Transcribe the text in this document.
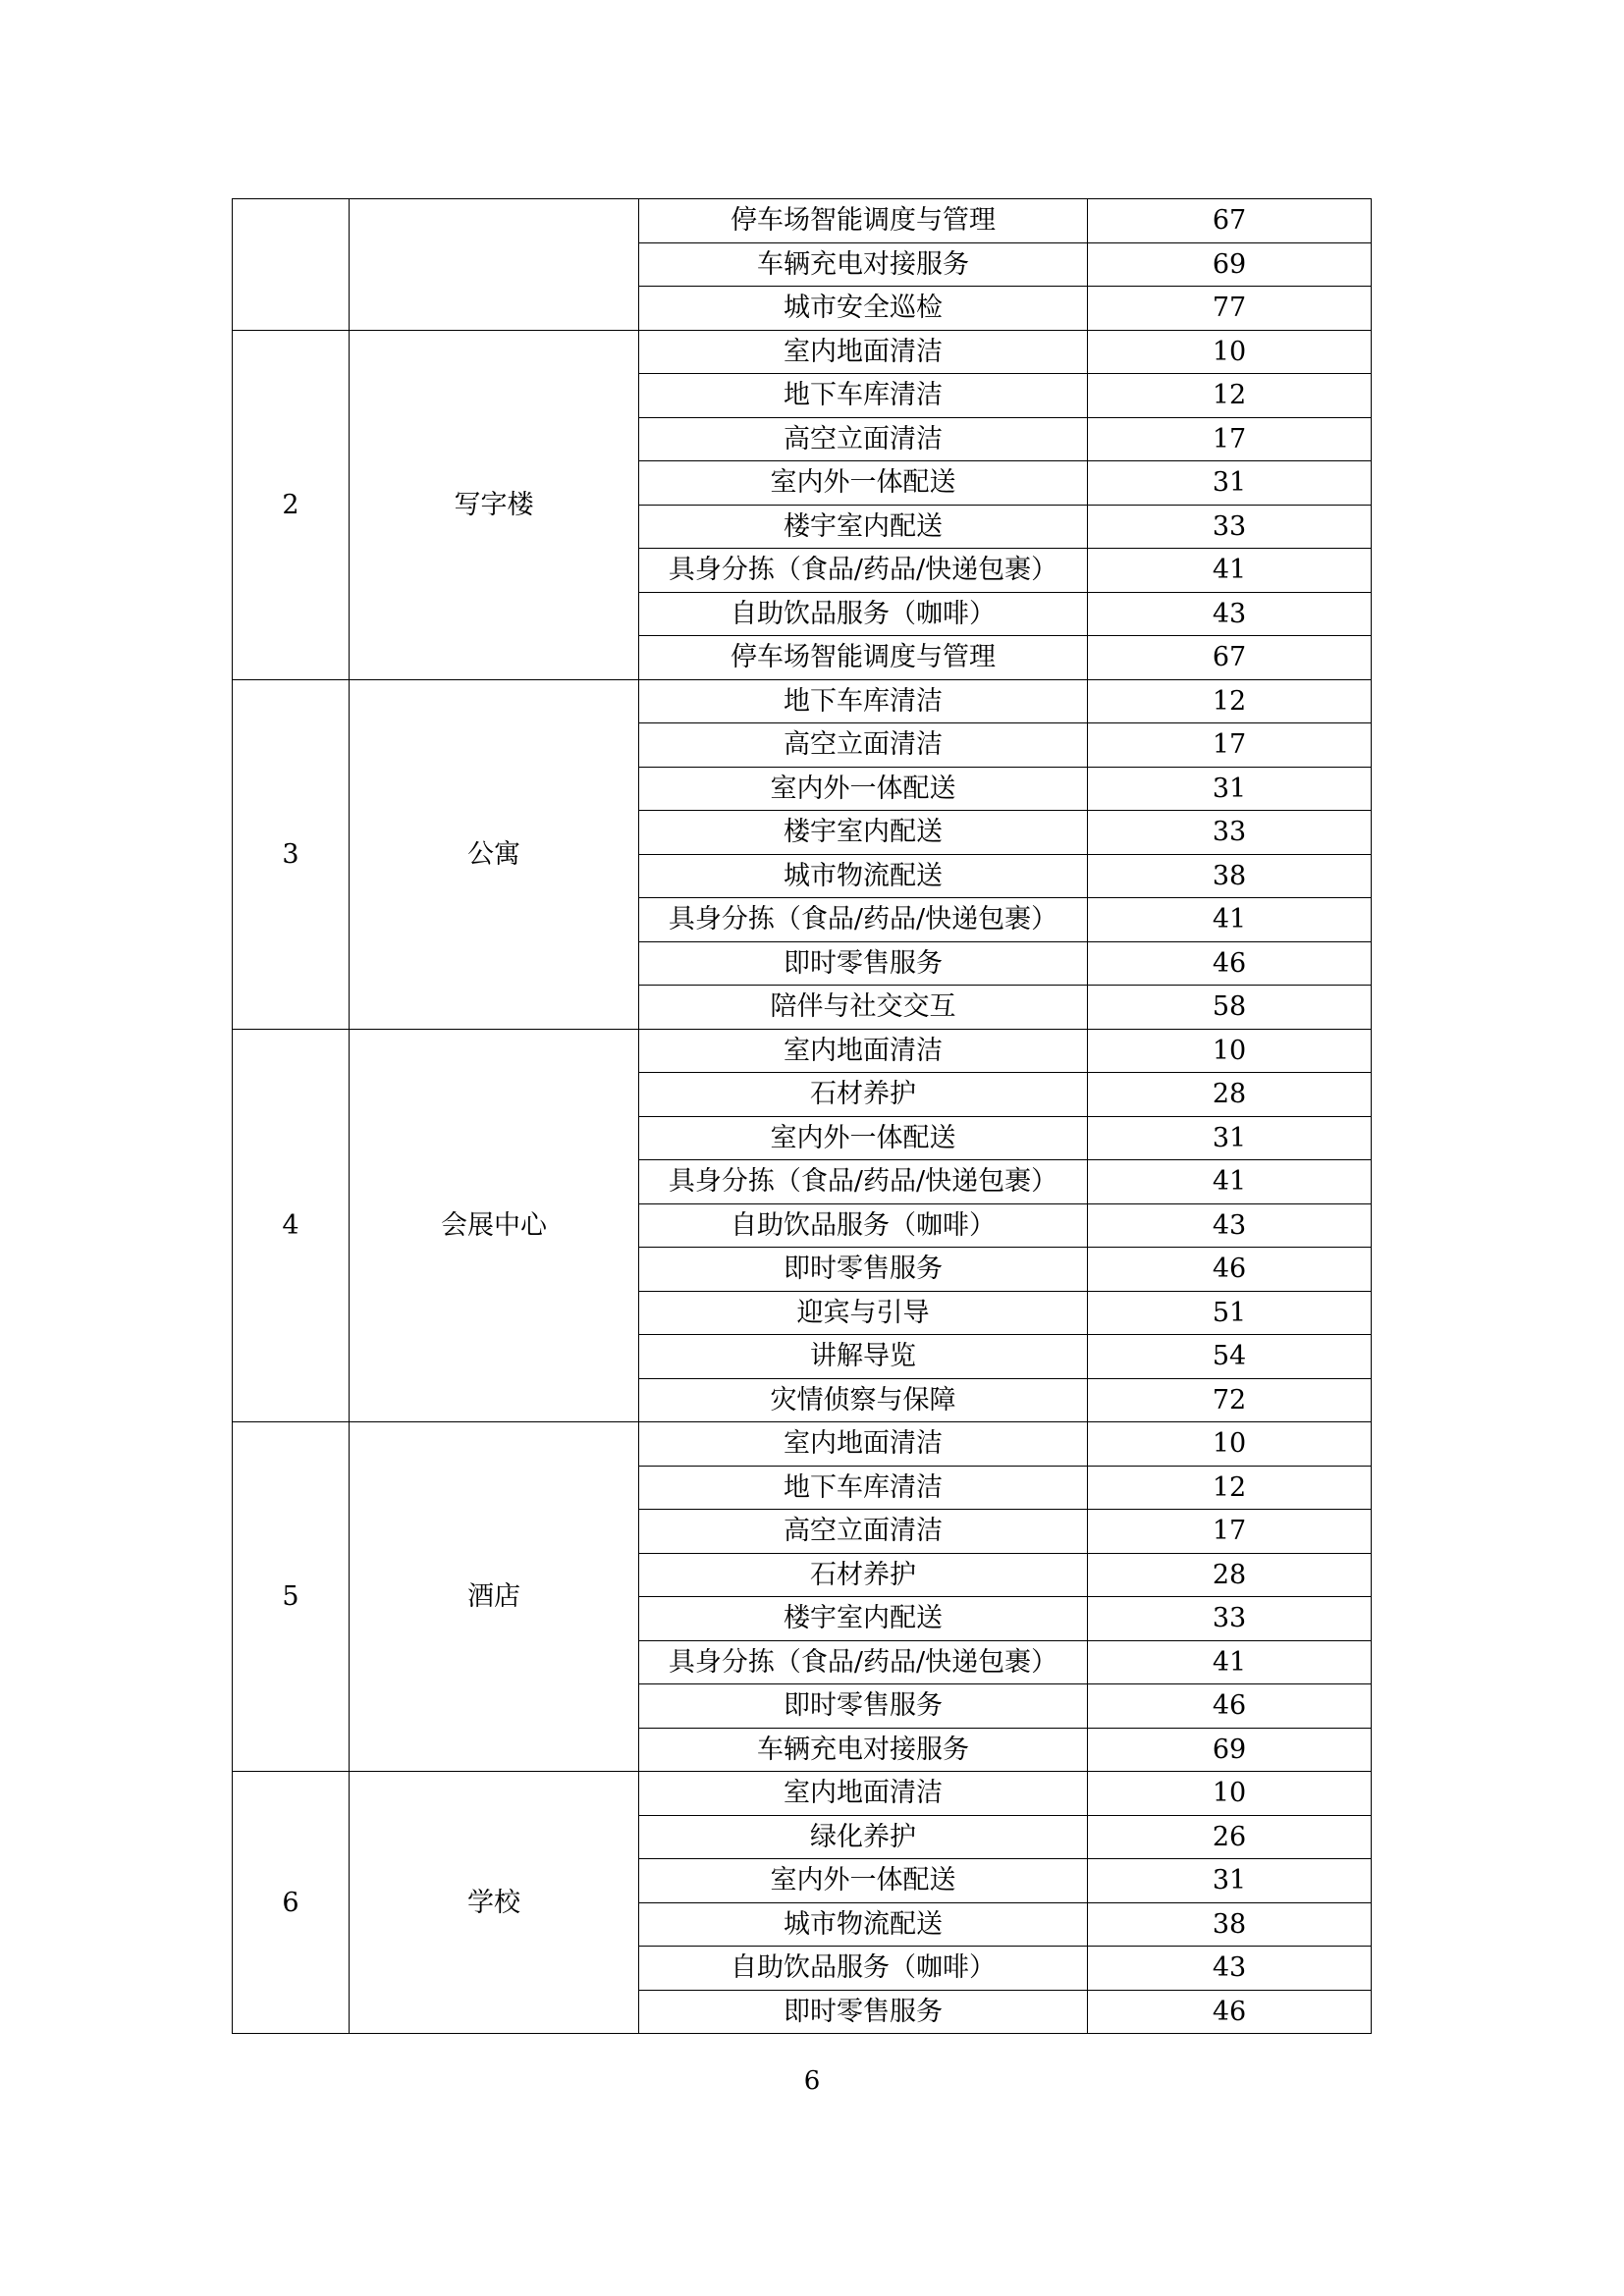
		停车场智能调度与管理	67
		车辆充电对接服务	69
		城市安全巡检	77
2	写字楼	室内地面清洁	10
		地下车库清洁	12
		高空立面清洁	17
		室内外一体配送	31
		楼宇室内配送	33
		具身分拣（食品/药品/快递包裹）	41
		自助饮品服务（咖啡）	43
		停车场智能调度与管理	67
3	公寓	地下车库清洁	12
		高空立面清洁	17
		室内外一体配送	31
		楼宇室内配送	33
		城市物流配送	38
		具身分拣（食品/药品/快递包裹）	41
		即时零售服务	46
		陪伴与社交交互	58
4	会展中心	室内地面清洁	10
		石材养护	28
		室内外一体配送	31
		具身分拣（食品/药品/快递包裹）	41
		自助饮品服务（咖啡）	43
		即时零售服务	46
		迎宾与引导	51
		讲解导览	54
		灾情侦察与保障	72
5	酒店	室内地面清洁	10
		地下车库清洁	12
		高空立面清洁	17
		石材养护	28
		楼宇室内配送	33
		具身分拣（食品/药品/快递包裹）	41
		即时零售服务	46
		车辆充电对接服务	69
6	学校	室内地面清洁	10
		绿化养护	26
		室内外一体配送	31
		城市物流配送	38
		自助饮品服务（咖啡）	43
		即时零售服务	46
6
